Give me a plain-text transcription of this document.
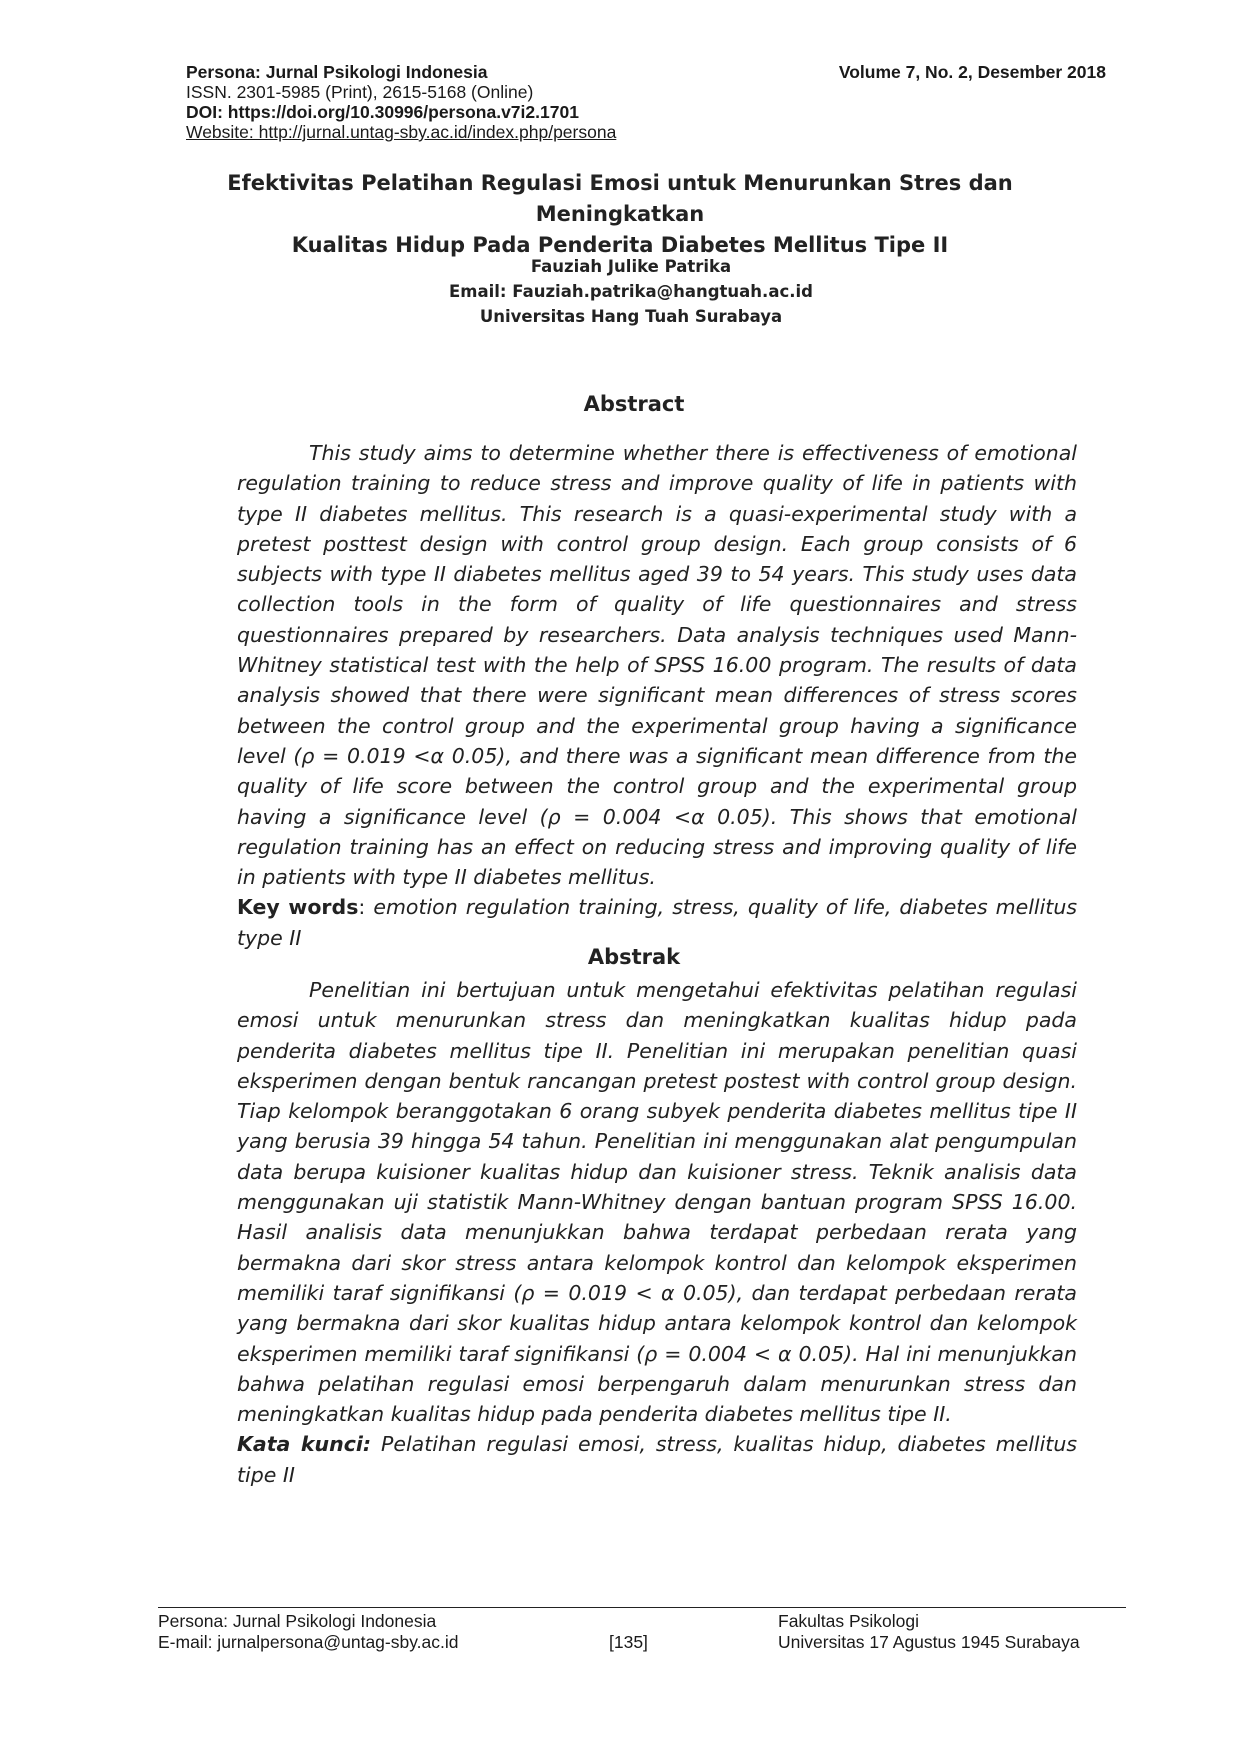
Persona: Jurnal Psikologi Indonesia
ISSN. 2301-5985 (Print), 2615-5168 (Online)
DOI: https://doi.org/10.30996/persona.v7i2.1701
Website: http://jurnal.untag-sby.ac.id/index.php/persona
Volume 7, No. 2, Desember 2018
Efektivitas Pelatihan Regulasi Emosi untuk Menurunkan Stres dan Meningkatkan
Kualitas Hidup Pada Penderita Diabetes Mellitus Tipe II
Fauziah Julike Patrika
Email: Fauziah.patrika@hangtuah.ac.id
Universitas Hang Tuah Surabaya
Abstract

This study aims to determine whether there is effectiveness of emotional regulation training to reduce stress and improve quality of life in patients with type II diabetes mellitus. This research is a quasi-experimental study with a pretest posttest design with control group design. Each group consists of 6 subjects with type II diabetes mellitus aged 39 to 54 years. This study uses data collection tools in the form of quality of life questionnaires and stress questionnaires prepared by researchers. Data analysis techniques used Mann-Whitney statistical test with the help of SPSS 16.00 program. The results of data analysis showed that there were significant mean differences of stress scores between the control group and the experimental group having a significance level (ρ = 0.019 <α 0.05), and there was a significant mean difference from the quality of life score between the control group and the experimental group having a significance level (ρ = 0.004 <α 0.05). This shows that emotional regulation training has an effect on reducing stress and improving quality of life in patients with type II diabetes mellitus.

Key words: emotion regulation training, stress, quality of life, diabetes mellitus type II
Abstrak

Penelitian ini bertujuan untuk mengetahui efektivitas pelatihan regulasi emosi untuk menurunkan stress dan meningkatkan kualitas hidup pada penderita diabetes mellitus tipe II. Penelitian ini merupakan penelitian quasi eksperimen dengan bentuk rancangan pretest postest with control group design. Tiap kelompok beranggotakan 6 orang subyek penderita diabetes mellitus tipe II yang berusia 39 hingga 54 tahun. Penelitian ini menggunakan alat pengumpulan data berupa kuisioner kualitas hidup dan kuisioner stress. Teknik analisis data menggunakan uji statistik Mann-Whitney dengan bantuan program SPSS 16.00. Hasil analisis data menunjukkan bahwa terdapat perbedaan rerata yang bermakna dari skor stress antara kelompok kontrol dan kelompok eksperimen memiliki taraf signifikansi (ρ = 0.019 < α 0.05), dan terdapat perbedaan rerata yang bermakna dari skor kualitas hidup antara kelompok kontrol dan kelompok eksperimen memiliki taraf signifikansi (ρ = 0.004 < α 0.05). Hal ini menunjukkan bahwa pelatihan regulasi emosi berpengaruh dalam menurunkan stress dan meningkatkan kualitas hidup pada penderita diabetes mellitus tipe II.

Kata kunci: Pelatihan regulasi emosi, stress, kualitas hidup, diabetes mellitus tipe II
Persona: Jurnal Psikologi Indonesia
E-mail: jurnalpersona@untag-sby.ac.id	[135]
Fakultas Psikologi
Universitas 17 Agustus 1945 Surabaya
